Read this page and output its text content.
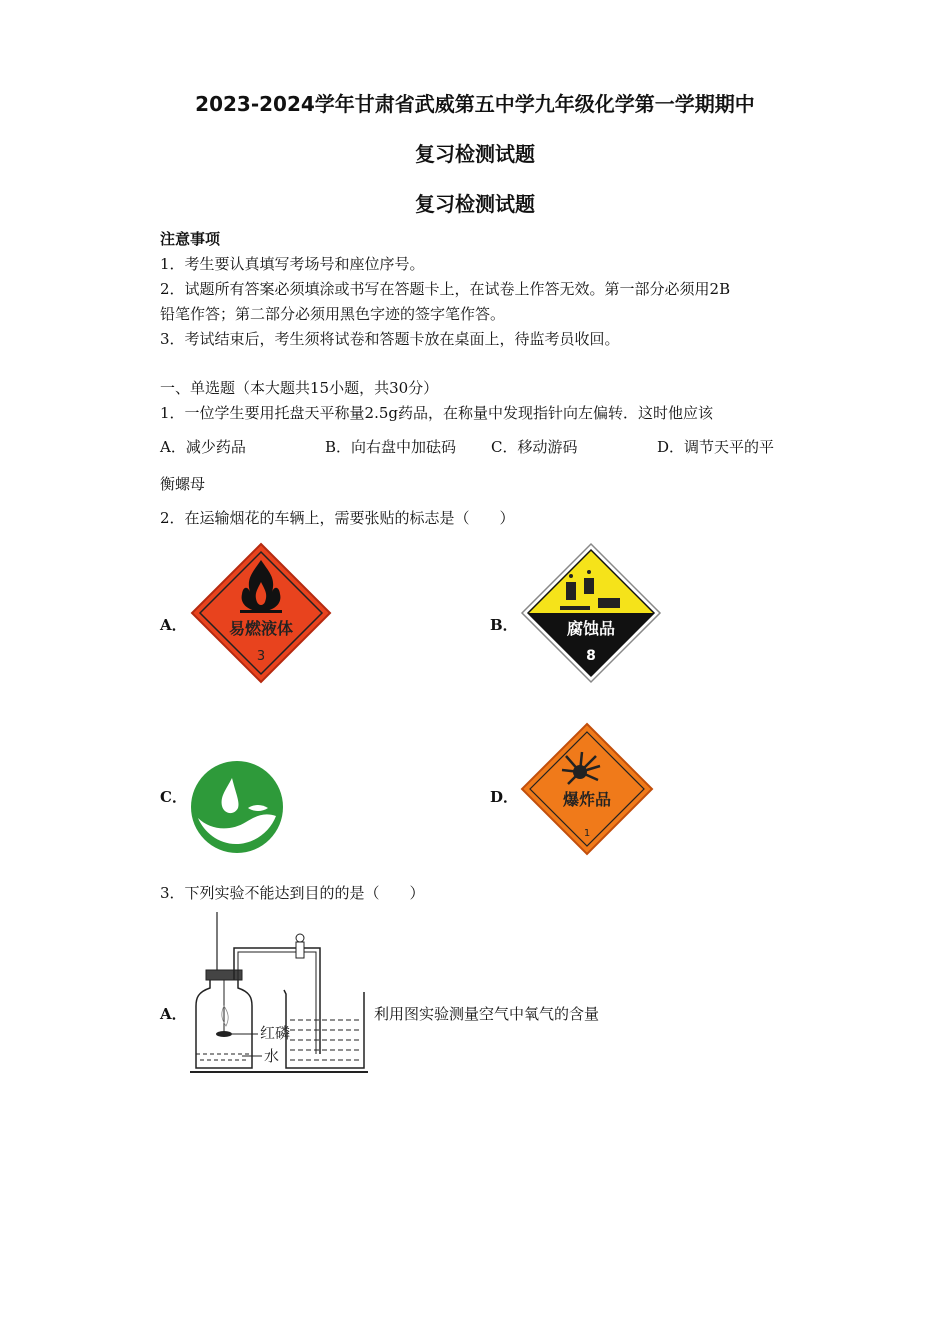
2023-2024学年甘肃省武威第五中学九年级化学第一学期期中
复习检测试题
复习检测试题
注意事项
1．考生要认真填写考场号和座位序号。
2．试题所有答案必须填涂或书写在答题卡上，在试卷上作答无效。第一部分必须用2B
铅笔作答；第二部分必须用黑色字迹的签字笔作答。
3．考试结束后，考生须将试卷和答题卡放在桌面上，待监考员收回。
一、单选题（本大题共15小题，共30分）
1．一位学生要用托盘天平称量2.5g药品，在称量中发现指针向左偏转．这时他应该
A．减少药品	B．向右盘中加砝码 C．移动游码	D．调节天平的平
衡螺母
2．在运输烟花的车辆上，需要张贴的标志是（　　）
A．	易燃液体
3
B．	腐蚀品
8
C．	D．	爆炸品
1
3．下列实验不能达到目的的是（　　）
A．
红磷
水
利用图实验测量空气中氧气的含量
